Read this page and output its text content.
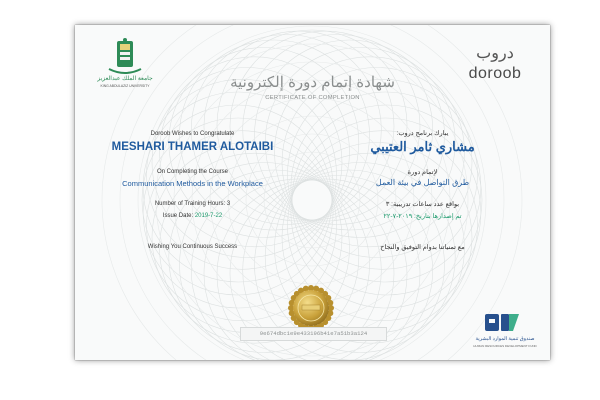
جامعة الملك عبدالعزيز
KING ABDULAZIZ UNIVERSITY
دروب
doroob
شهادة إتمام دورة إلكترونية
CERTIFICATE OF COMPLETION
Doroob Wishes to Congratulate
MESHARI THAMER ALOTAIBI
On Completing the Course
Communication Methods in the Workplace
Number of Training Hours: 3
Issue Date: 2019-7-22
Wishing You Continuous Success
يبارك برنامج دروب:
مشاري ثامر العتيبي
لإتمام دورة
طرق التواصل في بيئة العمل
بواقع عدد ساعات تدريبية: ٣
تم إصدارها بتاريخ: ٢٠١٩-٧-٢٢
مع تمنياتنا بدوام التوفيق والنجاح
9e674dbc1e9e433196b41e7a51b3a124
صندوق تنمية الموارد البشرية
HUMAN RESOURCES DEVELOPMENT FUND
